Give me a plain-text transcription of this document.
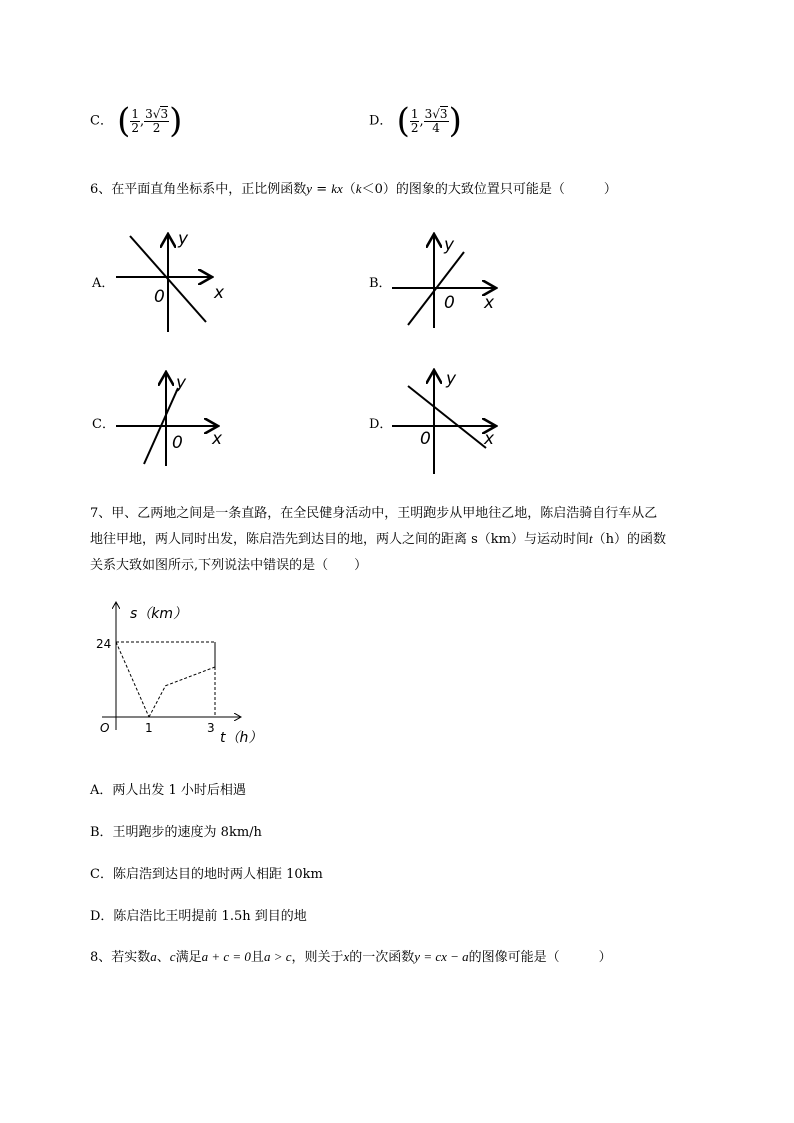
C． ( $\frac{1}{2}$ , $\frac{3√3}{2}$ )	D． ( $\frac{1}{2}$ , $\frac{3√3}{4}$ )
6、在平面直角坐标系中，正比例函数y = kx（k＜0）的图象的大致位置只可能是（　　　）
A．
y
x
0
B．
y
x
0
C．
y
x
0
D．
y
x
0
7、甲、乙两地之间是一条直路，在全民健身活动中，王明跑步从甲地往乙地，陈启浩骑自行车从乙
地往甲地，两人同时出发，陈启浩先到达目的地，两人之间的距离 s（km）与运动时间t（h）的函数
关系大致如图所示,下列说法中错误的是（　　）
s（km）
t（h）
O
24
1	3
A．两人出发 1 小时后相遇
B．王明跑步的速度为 8km/h
C．陈启浩到达目的地时两人相距 10km
D．陈启浩比王明提前 1.5h 到目的地
8、若实数a、c满足a + c = 0且a > c，则关于x的一次函数y = cx − a的图像可能是（　　　）
